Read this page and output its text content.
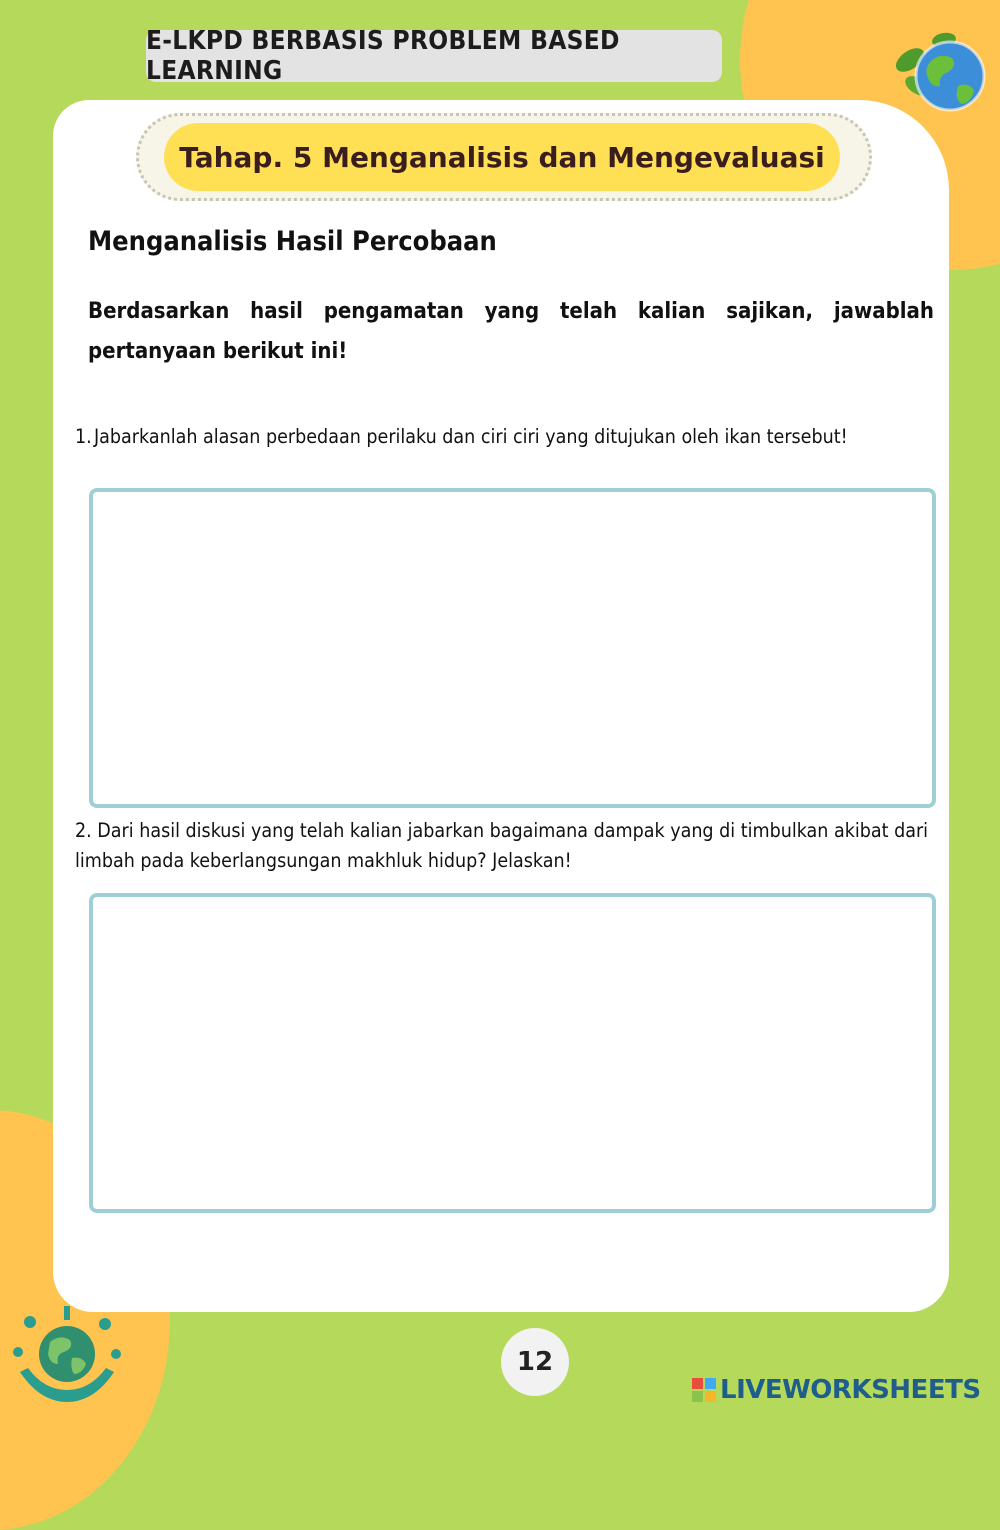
E-LKPD BERBASIS PROBLEM BASED LEARNING
Tahap. 5 Menganalisis dan Mengevaluasi
Menganalisis Hasil Percobaan

Berdasarkan hasil pengamatan yang telah kalian sajikan, jawablah pertanyaan berikut ini!

1. Jabarkanlah alasan perbedaan perilaku dan ciri ciri yang ditujukan oleh ikan tersebut!

2. Dari hasil diskusi yang telah kalian jabarkan bagaimana dampak yang di timbulkan akibat dari limbah pada keberlangsungan makhluk hidup? Jelaskan!

12
LIVEWORKSHEETS
